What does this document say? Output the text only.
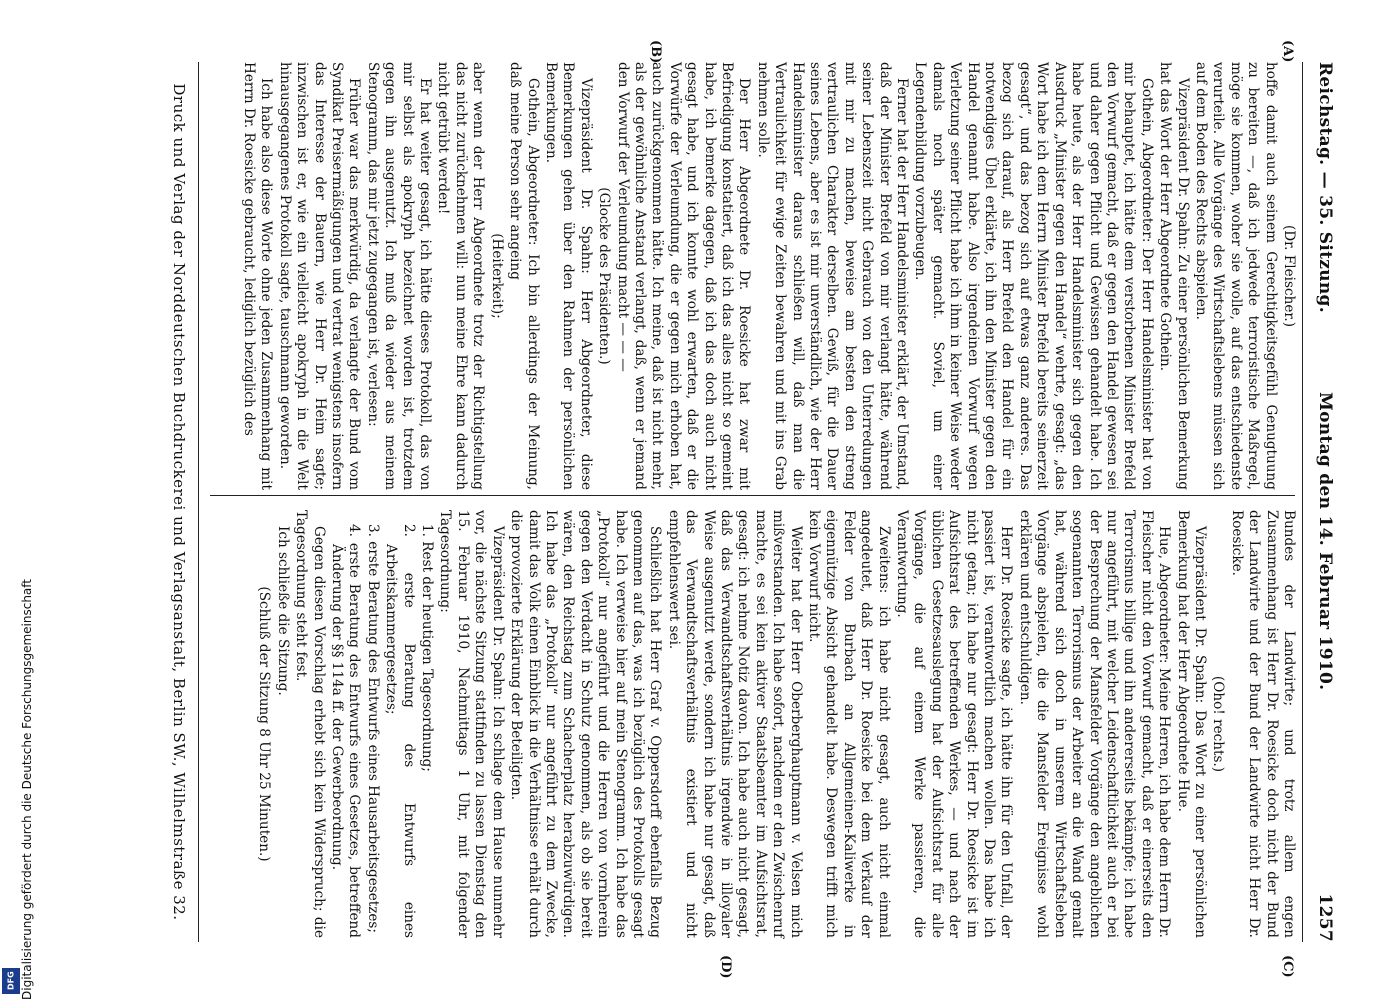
Digitalisierung gefördert durch die Deutsche Forschungsgemeinschaft
DFG
Reichstag. — 35. Sitzung.
Montag den 14. Februar 1910.
1257
(A)
(B)
(C)
(D)

(Dr. Fleischer.)

hoffe damit auch seinem Gerechtigkeitsgefühl Genugtuung zu bereiten —, daß ich jedwede terroristische Maßregel, möge sie kommen, woher sie wolle, auf das entschiedenste verurteile. Alle Vorgänge des Wirtschaftslebens müssen sich auf dem Boden des Rechts abspielen.

Vizepräsident Dr. Spahn: Zu einer persönlichen Bemerkung hat das Wort der Herr Abgeordnete Gothein.

Gothein, Abgeordneter: Der Herr Handelsminister hat von mir behauptet, ich hätte dem verstorbenen Minister Brefeld den Vorwurf gemacht, daß er gegen den Handel gewesen sei und daher gegen Pflicht und Gewissen gehandelt habe. Ich habe heute, als der Herr Handelsminister sich gegen den Ausdruck „Minister gegen den Handel“ wehrte, gesagt: „das Wort habe ich dem Herrn Minister Brefeld bereits seinerzeit gesagt“, und das bezog sich auf etwas ganz anderes. Das bezog sich darauf, als Herr Brefeld den Handel für ein notwendiges Übel erklärte, ich ihn den Minister gegen den Handel genannt habe. Also irgendeinen Vorwurf wegen Verletzung seiner Pflicht habe ich ihm in keiner Weise weder damals noch später gemacht. Soviel, um einer Legendenbildung vorzubeugen.

Ferner hat der Herr Handelsminister erklärt, der Umstand, daß der Minister Brefeld von mir verlangt hätte, während seiner Lebenszeit nicht Gebrauch von den Unterredungen mit mir zu machen, beweise am besten den streng vertraulichen Charakter derselben. Gewiß, für die Dauer seines Lebens, aber es ist mir unverständlich, wie der Herr Handelsminister daraus schließen will, daß man die Vertraulichkeit für ewige Zeiten bewahren und mit ins Grab nehmen solle.

Der Herr Abgeordnete Dr. Roesicke hat zwar mit Befriedigung konstatiert, daß ich das alles nicht so gemeint habe, ich bemerke dagegen, daß ich das doch auch nicht gesagt habe, und ich konnte wohl erwarten, daß er die Vorwürfe der Verleumdung, die er gegen mich erhoben hat, auch zurückgenommen hätte. Ich meine, daß ist nicht mehr, als der gewöhnliche Anstand verlangt, daß, wenn er jemand den Vorwurf der Verleumdung macht — — —

(Glocke des Präsidenten.)

Vizepräsident Dr. Spahn: Herr Abgeordneter, diese Bemerkungen gehen über den Rahmen der persönlichen Bemerkungen.

Gothein, Abgeordneter: Ich bin allerdings der Meinung, daß meine Person sehr angeing

(Heiterkeit);

aber wenn der Herr Abgeordnete trotz der Richtigstellung das nicht zurücknehmen will: nun meine Ehre kann dadurch nicht getrübt werden!

Er hat weiter gesagt, ich hätte dieses Protokoll, das von mir selbst als apokryph bezeichnet worden ist, trotzdem gegen ihn ausgenutzt. Ich muß da wieder aus meinem Stenogramm, das mir jetzt zugegangen ist, verlesen:

Früher war das merkwürdig, da verlangte der Bund vom Syndikat Preisermäßigungen und vertrat wenigstens insofern das Interesse der Bauern, wie Herr Dr. Heim sagte; inzwischen ist er, wie ein vielleicht apokryph in die Welt hinausgegangenes Protokoll sagte, tauschmann geworden.

Ich habe also diese Worte ohne jeden Zusammenhang mit Herrn Dr. Roesicke gebraucht, lediglich bezüglich des

Bundes der Landwirte; und trotz allem engen Zusammenhang ist Herr Dr. Roesicke doch nicht der Bund der Landwirte und der Bund der Landwirte nicht Herr Dr. Roesicke.

(Oho! rechts.)

Vizepräsident Dr. Spahn: Das Wort zu einer persönlichen Bemerkung hat der Herr Abgeordnete Hue.

Hue, Abgeordneter: Meine Herren, ich habe dem Herrn Dr. Fleischer nicht den Vorwurf gemacht, daß er einerseits den Terrorismus billige und ihn andererseits bekämpfe; ich habe nur angeführt, mit welcher Leidenschaftlichkeit auch er bei der Besprechung der Mansfelder Vorgänge den angeblichen sogenannten Terrorismus der Arbeiter an die Wand gemalt hat, während sich doch in unserem Wirtschaftsleben Vorgänge abspielen, die die Mansfelder Ereignisse wohl erklären und entschuldigen.

Herr Dr. Roesicke sagte, ich hätte ihn für den Unfall, der passiert ist, verantwortlich machen wollen. Das habe ich nicht getan; ich habe nur gesagt: Herr Dr. Roesicke ist im Aufsichtsrat des betreffenden Werkes, — und nach der üblichen Gesetzesauslegung hat der Aufsichtsrat für alle Vorgänge, die auf einem Werke passieren, die Verantwortung.

Zweitens: ich habe nicht gesagt, auch nicht einmal angedeutet, daß Herr Dr. Roesicke bei dem Verkauf der Felder von Burbach an Allgemeinen-Kaliwerke in eigennützige Absicht gehandelt habe. Deswegen trifft mich kein Vorwurf nicht.

Weiter hat der Herr Oberberghauptmann v. Velsen mich mißverstanden. Ich habe sofort, nachdem er den Zwischenruf machte, es sei kein aktiver Staatsbeamter im Aufsichtsrat, gesagt: ich nehme Notiz davon. Ich habe auch nicht gesagt, daß das Verwandtschaftsverhältnis irgendwie in illoyaler Weise ausgenutzt werde, sondern ich habe nur gesagt, daß das Verwandtschaftsverhältnis existiert und nicht empfehlenswert sei.

Schließlich hat Herr Graf v. Oppersdorff ebenfalls Bezug genommen auf das, was ich bezüglich des Protokolls gesagt habe. Ich verweise hier auf mein Stenogramm. Ich habe das „Protokoll“ nur angeführt und die Herren von vornherein gegen den Verdacht in Schutz genommen, als ob sie bereit wären, den Reichstag zum Schacherplatz herabzuwürdigen. Ich habe das „Protokoll“ nur angeführt zu dem Zwecke, damit das Volk einen Einblick in die Verhältnisse erhält durch die provozierte Erklärung der Beteiligten.

Vizepräsident Dr. Spahn: Ich schlage dem Hause nunmehr vor, die nächste Sitzung stattfinden zu lassen Dienstag den 15. Februar 1910, Nachmittags 1 Uhr, mit folgender Tagesordnung:

1. Rest der heutigen Tagesordnung;

2. erste Beratung des Entwurfs eines Arbeitskammergesetzes;

3. erste Beratung des Entwurfs eines Hausarbeitsgesetzes;

4. erste Beratung des Entwurfs eines Gesetzes, betreffend Änderung der §§ 114a ff. der Gewerbeordnung.

Gegen diesen Vorschlag erhebt sich kein Widerspruch; die Tagesordnung steht fest.

Ich schließe die Sitzung.

(Schluß der Sitzung 8 Uhr 25 Minuten.)

Druck und Verlag der Norddeutschen Buchdruckerei und Verlagsanstalt, Berlin SW., Wilhelmstraße 32.
